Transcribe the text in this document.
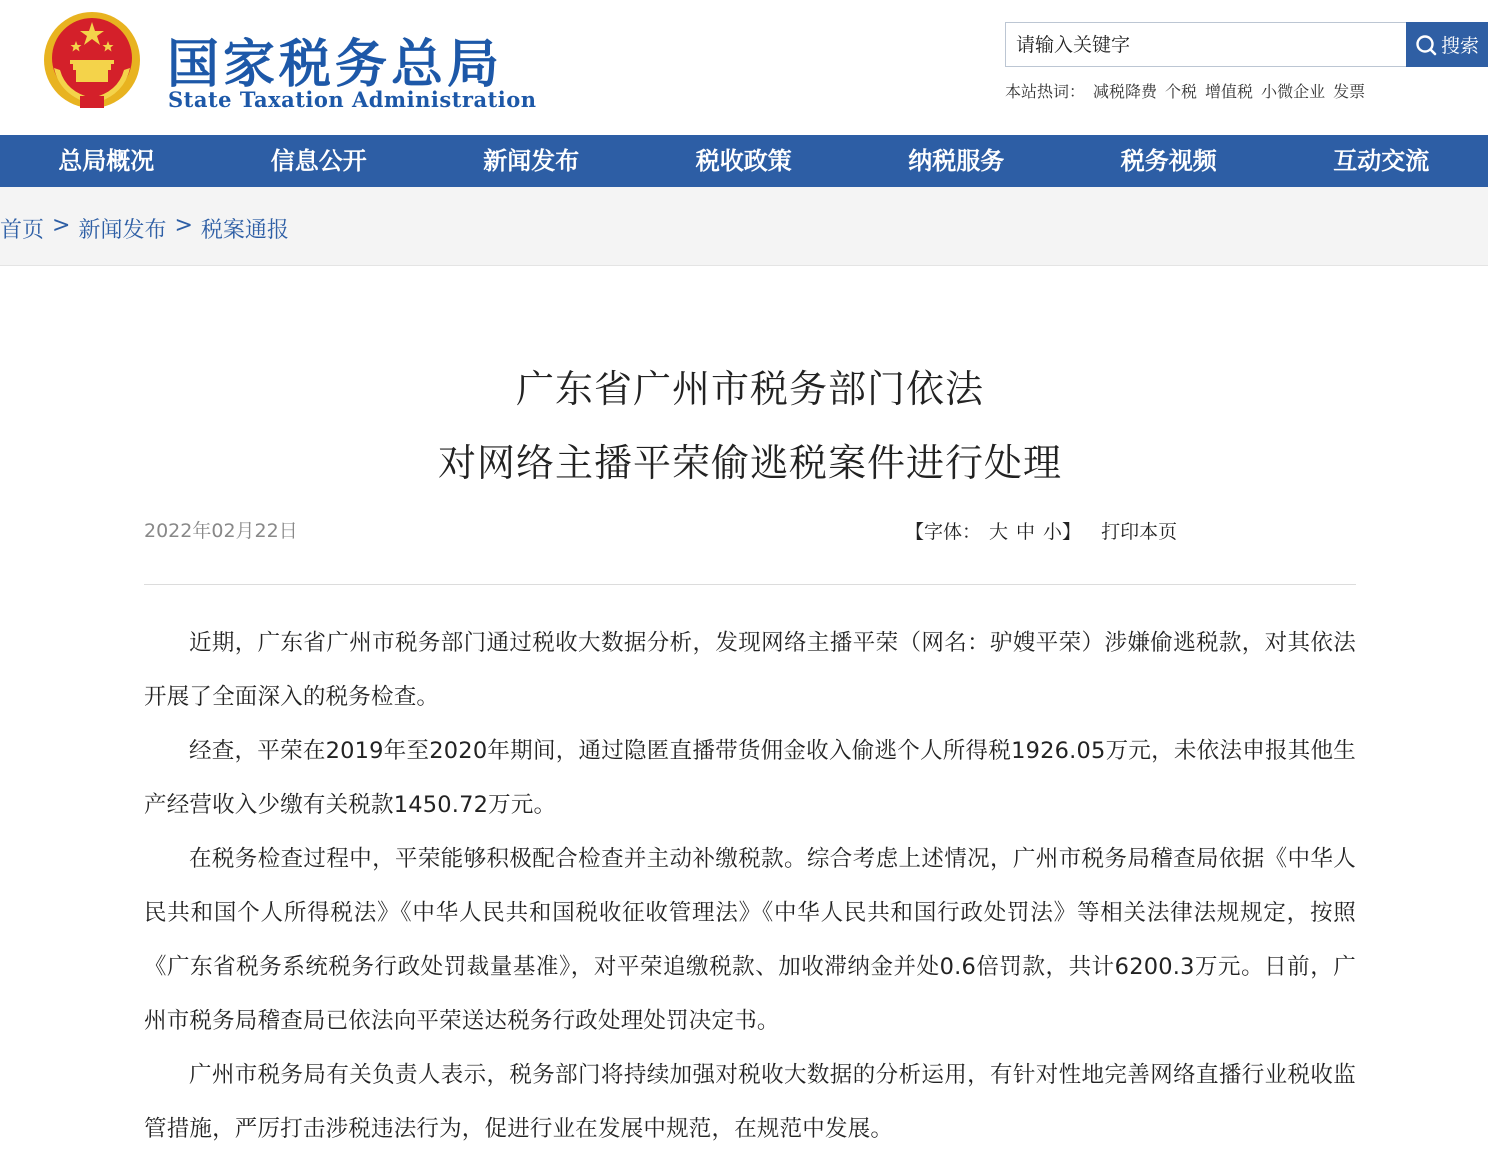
国家税务总局
State Taxation Administration
请输入关键字
搜索
本站热词： 减税降费 个税 增值税 小微企业 发票
总局概况	信息公开	新闻发布	税收政策	纳税服务	税务视频	互动交流
首页 > 新闻发布 > 税案通报
广东省广州市税务部门依法
对网络主播平荣偷逃税案件进行处理
2022年02月22日	【字体： 大 中 小】 打印本页

近期，广东省广州市税务部门通过税收大数据分析，发现网络主播平荣（网名：驴嫂平荣）涉嫌偷逃税款，对其依法开展了全面深入的税务检查。

经查，平荣在2019年至2020年期间，通过隐匿直播带货佣金收入偷逃个人所得税1926.05万元，未依法申报其他生产经营收入少缴有关税款1450.72万元。

在税务检查过程中，平荣能够积极配合检查并主动补缴税款。综合考虑上述情况，广州市税务局稽查局依据《中华人民共和国个人所得税法》《中华人民共和国税收征收管理法》《中华人民共和国行政处罚法》等相关法律法规规定，按照《广东省税务系统税务行政处罚裁量基准》，对平荣追缴税款、加收滞纳金并处0.6倍罚款，共计6200.3万元。日前，广州市税务局稽查局已依法向平荣送达税务行政处理处罚决定书。

广州市税务局有关负责人表示，税务部门将持续加强对税收大数据的分析运用，有针对性地完善网络直播行业税收监管措施，严厉打击涉税违法行为，促进行业在发展中规范，在规范中发展。
